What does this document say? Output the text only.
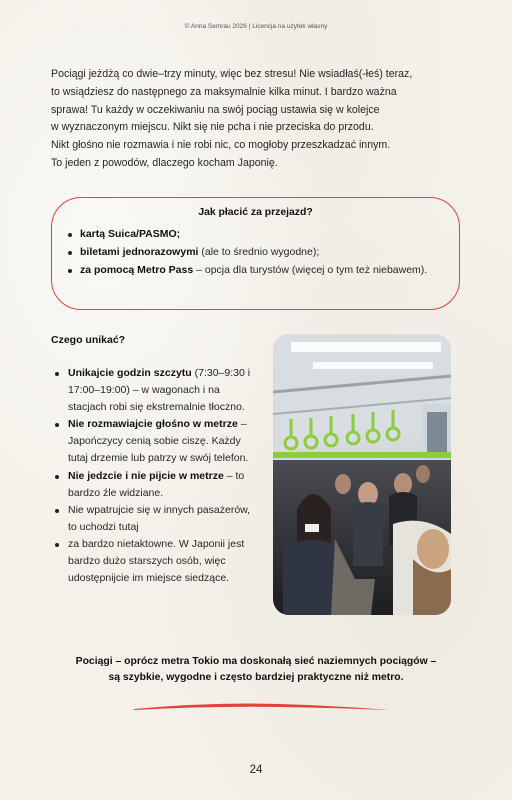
© Anna Semrau 2026 | Licencja na użytek własny

Pociągi jeżdżą co dwie–trzy minuty, więc bez stresu! Nie wsiadłaś(-łeś) teraz,

to wsiądziesz do następnego za maksymalnie kilka minut. I bardzo ważna

sprawa! Tu każdy w oczekiwaniu na swój pociąg ustawia się w kolejce

w wyznaczonym miejscu. Nikt się nie pcha i nie przeciska do przodu.

Nikt głośno nie rozmawia i nie robi nic, co mogłoby przeszkadzać innym.

To jeden z powodów, dlaczego kocham Japonię.

Jak płacić za przejazd?
kartą Suica/PASMO;
biletami jednorazowymi (ale to średnio wygodne);
za pomocą Metro Pass – opcja dla turystów (więcej o tym też niebawem).
Czego unikać?
Unikajcie godzin szczytu (7:30–9:30 i 17:00–19:00) – w wagonach i na stacjach robi się ekstremalnie tłoczno.
Nie rozmawiajcie głośno w metrze – Japończycy cenią sobie ciszę. Każdy tutaj drzemie lub patrzy w swój telefon.
Nie jedzcie i nie pijcie w metrze – to bardzo źle widziane.
Nie wpatrujcie się w innych pasażerów, to uchodzi tutaj
za bardzo nietaktowne. W Japonii jest bardzo dużo starszych osób, więc udostępnijcie im miejsce siedzące.
Pociągi – oprócz metra Tokio ma doskonałą sieć naziemnych pociągów –
są szybkie, wygodne i często bardziej praktyczne niż metro.
24
